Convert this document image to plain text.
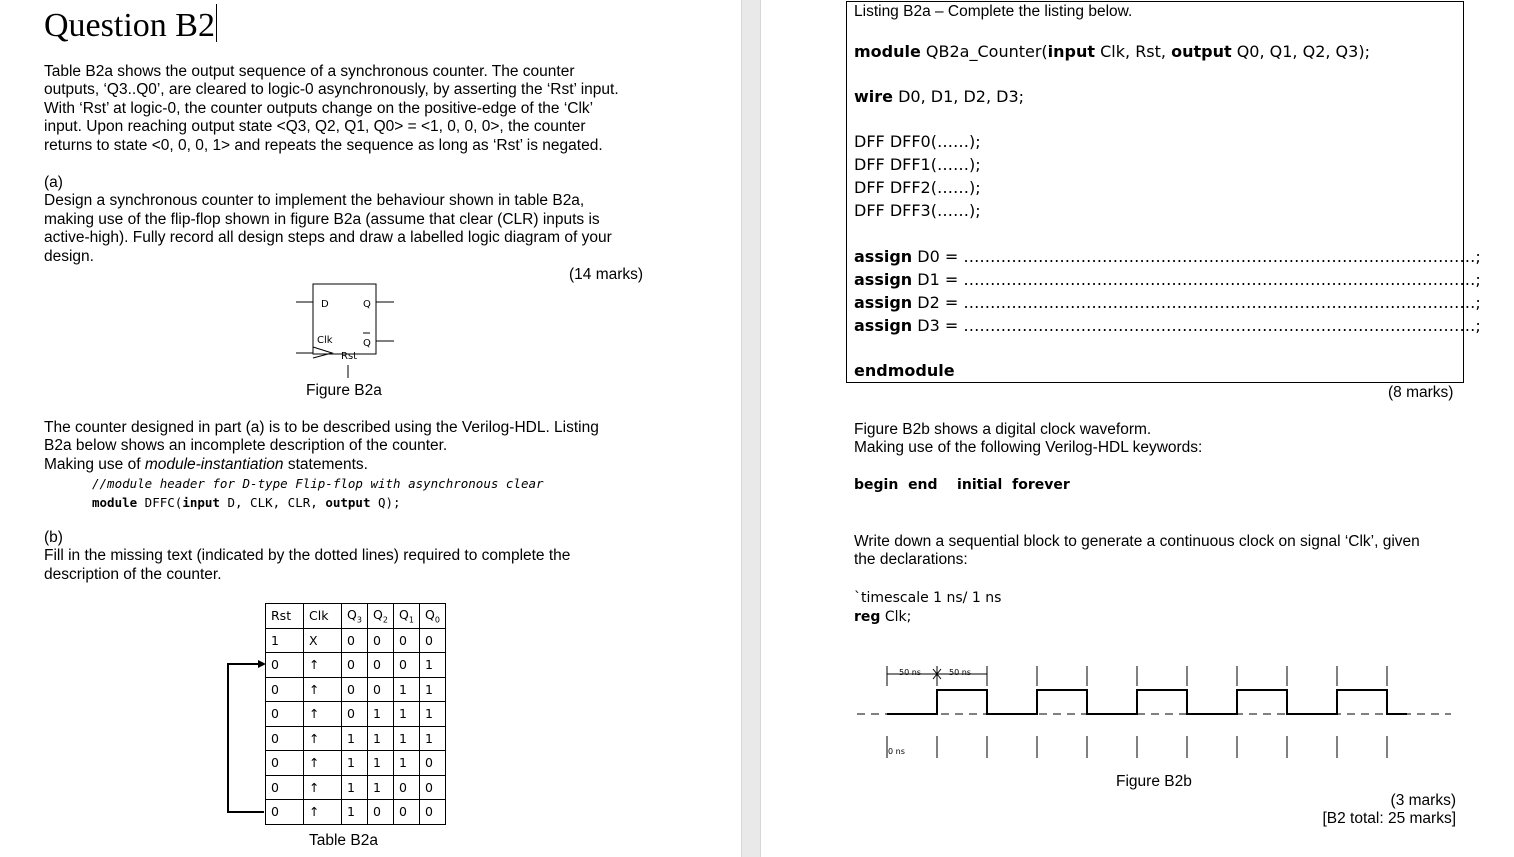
Question B2
Table B2a shows the output sequence of a synchronous counter. The counter
outputs, ‘Q3..Q0’, are cleared to logic-0 asynchronously, by asserting the ‘Rst’ input.
With ‘Rst’ at logic-0, the counter outputs change on the positive-edge of the ‘Clk’
input. Upon reaching output state <Q3, Q2, Q1, Q0> = <1, 0, 0, 0>, the counter
returns to state <0, 0, 0, 1> and repeats the sequence as long as ‘Rst’ is negated.
(a)
Design a synchronous counter to implement the behaviour shown in table B2a,
making use of the flip-flop shown in figure B2a (assume that clear (CLR) inputs is
active-high). Fully record all design steps and draw a labelled logic diagram of your
design.
(14 marks)
D	Q
Clk	Q
Rst
Figure B2a
The counter designed in part (a) is to be described using the Verilog-HDL. Listing
B2a below shows an incomplete description of the counter.
Making use of module-instantiation statements.
//module header for D-type Flip-flop with asynchronous clear
module DFFC(input D, CLK, CLR, output Q);
(b)
Fill in the missing text (indicated by the dotted lines) required to complete the
description of the counter.
Rst	Clk	$Q_3$	$Q_2$	$Q_1$	$Q_0$
1	X	0	0	0	0
0	↑	0	0	0	1
0	↑	0	0	1	1
0	↑	0	1	1	1
0	↑	1	1	1	1
0	↑	1	1	1	0
0	↑	1	1	0	0
0	↑	1	0	0	0
Table B2a
Listing B2a – Complete the listing below.
module QB2a_Counter(input Clk, Rst, output Q0, Q1, Q2, Q3);
wire D0, D1, D2, D3;
DFF DFF0(……);
DFF DFF1(……);
DFF DFF2(……);
DFF DFF3(……);
assign D0 = ……………………………………………………………………………………;
assign D1 = ……………………………………………………………………………………;
assign D2 = ……………………………………………………………………………………;
assign D3 = ……………………………………………………………………………………;
endmodule
(8 marks)
Figure B2b shows a digital clock waveform.
Making use of the following Verilog-HDL keywords:
begin end initial forever
Write down a sequential block to generate a continuous clock on signal ‘Clk’, given
the declarations:
`timescale 1 ns/ 1 ns
reg Clk;
50 ns	50 ns
0 ns
Figure B2b
(3 marks)
[B2 total: 25 marks]
